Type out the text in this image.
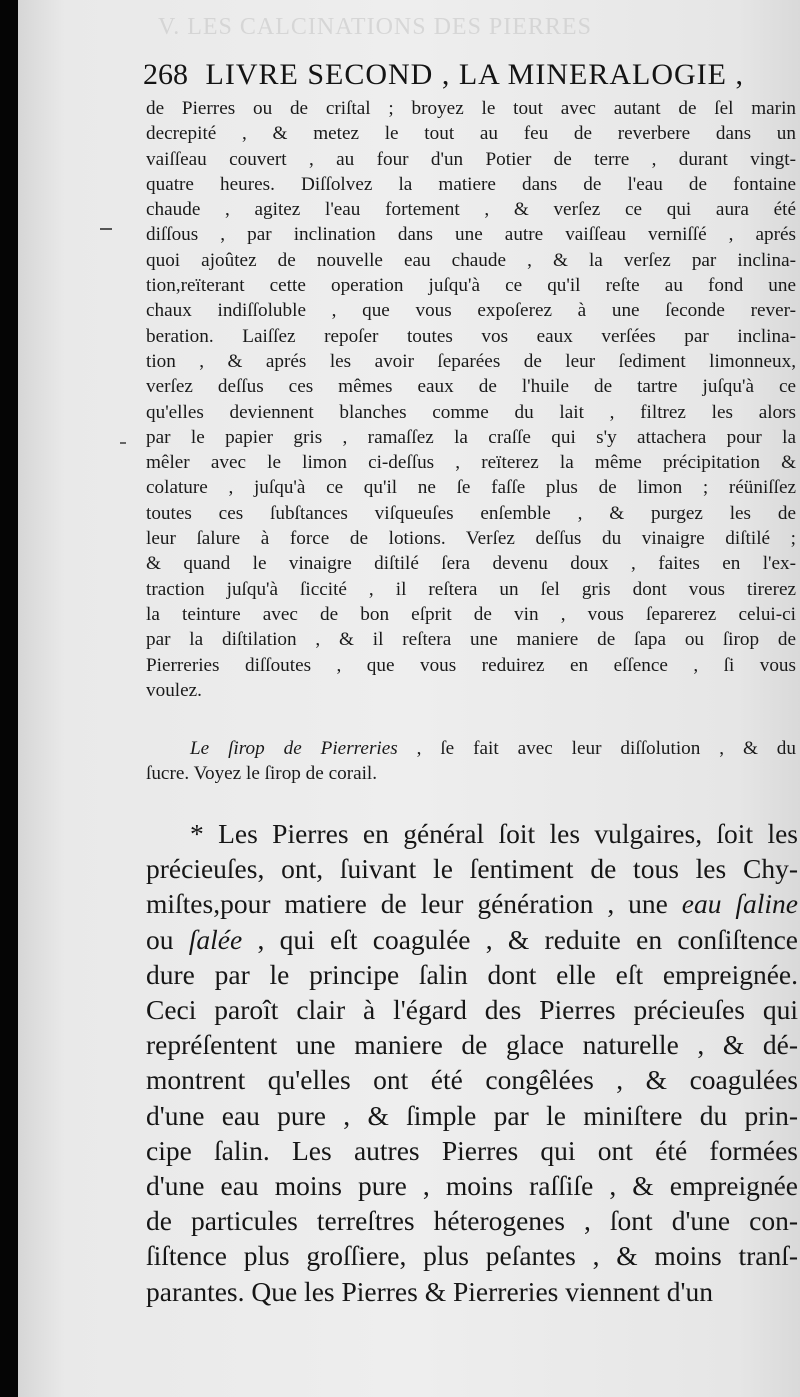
V. LES CALCINATIONS DES PIERRES
268 LIVRE SECOND , LA MINERALOGIE ,
de Pierres ou de criſtal ; broyez le tout avec autant de ſel marin
decrepité , & metez le tout au feu de reverbere dans un
vaiſſeau couvert , au four d'un Potier de terre , durant vingt-
quatre heures. Diſſolvez la matiere dans de l'eau de fontaine
chaude , agitez l'eau fortement , & verſez ce qui aura été
diſſous , par inclination dans une autre vaiſſeau verniſſé , aprés
quoi ajoûtez de nouvelle eau chaude , & la verſez par inclina-
tion,reïterant cette operation juſqu'à ce qu'il reſte au fond une
chaux indiſſoluble , que vous expoſerez à une ſeconde rever-
beration. Laiſſez repoſer toutes vos eaux verſées par inclina-
tion , & aprés les avoir ſeparées de leur ſediment limonneux,
verſez deſſus ces mêmes eaux de l'huile de tartre juſqu'à ce
qu'elles deviennent blanches comme du lait , filtrez les alors
par le papier gris , ramaſſez la craſſe qui s'y attachera pour la
mêler avec le limon ci-deſſus , reïterez la même précipitation &
colature , juſqu'à ce qu'il ne ſe faſſe plus de limon ; réüniſſez
toutes ces ſubſtances viſqueuſes enſemble , & purgez les de
leur ſalure à force de lotions. Verſez deſſus du vinaigre diſtilé ;
& quand le vinaigre diſtilé ſera devenu doux , faites en l'ex-
traction juſqu'à ſiccité , il reſtera un ſel gris dont vous tirerez
la teinture avec de bon eſprit de vin , vous ſeparerez celui-ci
par la diſtilation , & il reſtera une maniere de ſapa ou ſirop de
Pierreries diſſoutes , que vous reduirez en eſſence , ſi vous
voulez.
Le ſirop de Pierreries , ſe fait avec leur diſſolution , & du
ſucre. Voyez le ſirop de corail.
* Les Pierres en général ſoit les vulgaires, ſoit les
précieuſes, ont, ſuivant le ſentiment de tous les Chy-
miſtes,pour matiere de leur génération , une eau ſaline
ou ſalée , qui eſt coagulée , & reduite en conſiſtence
dure par le principe ſalin dont elle eſt empreignée.
Ceci paroît clair à l'égard des Pierres précieuſes qui
repréſentent une maniere de glace naturelle , & dé-
montrent qu'elles ont été congêlées , & coagulées
d'une eau pure , & ſimple par le miniſtere du prin-
cipe ſalin. Les autres Pierres qui ont été formées
d'une eau moins pure , moins raſſiſe , & empreignée
de particules terreſtres héterogenes , ſont d'une con-
ſiſtence plus groſſiere, plus peſantes , & moins tranſ-
parantes. Que les Pierres & Pierreries viennent d'un
